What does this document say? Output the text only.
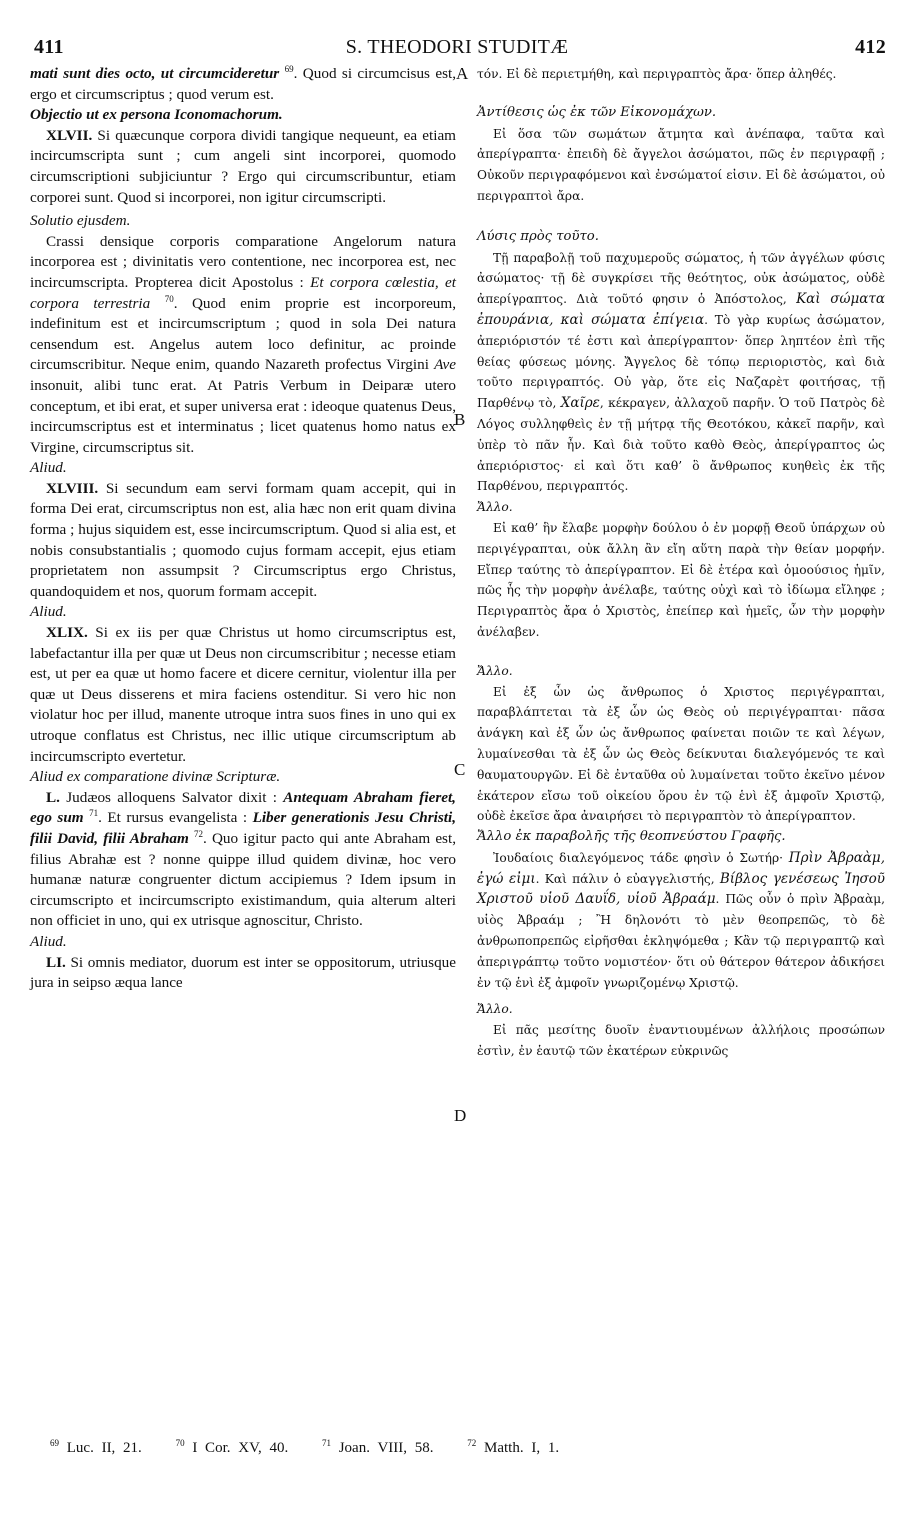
411	S. THEODORI STUDITÆ	412
A
B
C
D

mati sunt dies octo, ut circumcideretur $^{69}$. Quod si circumcisus est, ergo et circumscriptus ; quod verum est.

Objectio ut ex persona Iconomachorum.

XLVII. Si quæcunque corpora dividi tangique nequeunt, ea etiam incircumscripta sunt ; cum angeli sint incorporei, quomodo circumscriptioni subjiciuntur ? Ergo qui circumscribuntur, etiam corporei sunt. Quod si incorporei, non igitur circumscripti.

Solutio ejusdem.

Crassi densique corporis comparatione Angelorum natura incorporea est ; divinitatis vero contentione, nec incorporea est, nec incircumscripta. Propterea dicit Apostolus : Et corpora cœlestia, et corpora terrestria $^{70}$. Quod enim proprie est incorporeum, indefinitum est et incircumscriptum ; quod in sola Dei natura censendum est. Angelus autem loco definitur, ac proinde circumscribitur. Neque enim, quando Nazareth profectus Virgini Ave insonuit, alibi tunc erat. At Patris Verbum in Deiparæ utero conceptum, et ibi erat, et super universa erat : ideoque quatenus Deus, incircumscriptus est et interminatus ; licet quatenus homo natus ex Virgine, circumscriptus sit.

Aliud.

XLVIII. Si secundum eam servi formam quam accepit, qui in forma Dei erat, circumscriptus non est, alia hæc non erit quam divina forma ; hujus siquidem est, esse incircumscriptum. Quod si alia est, et nobis consubstantialis ; quomodo cujus formam accepit, ejus etiam proprietatem non assumpsit ? Circumscriptus ergo Christus, quandoquidem et nos, quorum formam accepit.

Aliud.

XLIX. Si ex iis per quæ Christus ut homo circumscriptus est, labefactantur illa per quæ ut Deus non circumscribitur ; necesse etiam est, ut per ea quæ ut homo facere et dicere cernitur, violentur illa per quæ ut Deus disserens et mira faciens ostenditur. Si vero hic non violatur hoc per illud, manente utroque intra suos fines in uno qui ex utroque conflatus est Christus, nec illic utique circumscriptum ab incircumscripto evertetur.

Aliud ex comparatione divinæ Scripturæ.

L. Judæos alloquens Salvator dixit : Antequam Abraham fieret, ego sum $^{71}$. Et rursus evangelista : Liber generationis Jesu Christi, filii David, filii Abraham $^{72}$. Quo igitur pacto qui ante Abraham est, filius Abrahæ est ? nonne quippe illud quidem divinæ, hoc vero humanæ naturæ congruenter dictum accipiemus ? Idem ipsum in circumscripto et incircumscripto existimandum, quia alterum alteri non officiet in uno, qui ex utrisque agnoscitur, Christo.

Aliud.

LI. Si omnis mediator, duorum est inter se oppositorum, utriusque jura in seipso æqua lance

τόν. Εἰ δὲ περιετμήθη, καὶ περιγραπτὸς ἄρα· ὅπερ ἀληθές.

Ἀντίθεσις ὡς ἐκ τῶν Εἰκονομάχων.

Εἰ ὅσα τῶν σωμάτων ἄτμητα καὶ ἀνέπαφα, ταῦτα καὶ ἀπερίγραπτα· ἐπειδὴ δὲ ἄγγελοι ἀσώματοι, πῶς ἐν περιγραφῇ ; Οὐκοῦν περιγραφόμενοι καὶ ἐνσώματοί εἰσιν. Εἰ δὲ ἀσώματοι, οὐ περιγραπτοὶ ἄρα.

Λύσις πρὸς τοῦτο.

Τῇ παραβολῇ τοῦ παχυμεροῦς σώματος, ἡ τῶν ἀγγέλων φύσις ἀσώματος· τῇ δὲ συγκρίσει τῆς θεότητος, οὐκ ἀσώματος, οὐδὲ ἀπερίγραπτος. Διὰ τοῦτό φησιν ὁ Ἀπόστολος, Καὶ σώματα ἐπουράνια, καὶ σώματα ἐπίγεια. Τὸ γὰρ κυρίως ἀσώματον, ἀπεριόριστόν τέ ἐστι καὶ ἀπερίγραπτον· ὅπερ ληπτέον ἐπὶ τῆς θείας φύσεως μόνης. Ἄγγελος δὲ τόπῳ περιοριστὸς, καὶ διὰ τοῦτο περιγραπτός. Οὐ γὰρ, ὅτε εἰς Ναζαρὲτ φοιτήσας, τῇ Παρθένῳ τὸ, Χαῖρε, κέκραγεν, ἀλλαχοῦ παρῆν. Ὁ τοῦ Πατρὸς δὲ Λόγος συλληφθεὶς ἐν τῇ μήτρᾳ τῆς Θεοτόκου, κἀκεῖ παρῆν, καὶ ὑπὲρ τὸ πᾶν ἦν. Καὶ διὰ τοῦτο καθὸ Θεὸς, ἀπερίγραπτος ὡς ἀπεριόριστος· εἰ καὶ ὅτι καθ’ ὃ ἄνθρωπος κυηθεὶς ἐκ τῆς Παρθένου, περιγραπτός.

Ἄλλο.

Εἰ καθ’ ἣν ἔλαβε μορφὴν δούλου ὁ ἐν μορφῇ Θεοῦ ὑπάρχων οὐ περιγέγραπται, οὐκ ἄλλη ἂν εἴη αὕτη παρὰ τὴν θείαν μορφήν. Εἴπερ ταύτης τὸ ἀπερίγραπτον. Εἰ δὲ ἑτέρα καὶ ὁμοούσιος ἡμῖν, πῶς ἧς τὴν μορφὴν ἀνέλαβε, ταύτης οὐχὶ καὶ τὸ ἰδίωμα εἴληφε ; Περιγραπτὸς ἄρα ὁ Χριστὸς, ἐπείπερ καὶ ἡμεῖς, ὧν τὴν μορφὴν ἀνέλαβεν.

Ἄλλο.

Εἰ ἐξ ὧν ὡς ἄνθρωπος ὁ Χριστος περιγέγραπται, παραβλάπτεται τὰ ἐξ ὧν ὡς Θεὸς οὐ περιγέγραπται· πᾶσα ἀνάγκη καὶ ἐξ ὧν ὡς ἄνθρωπος φαίνεται ποιῶν τε καὶ λέγων, λυμαίνεσθαι τὰ ἐξ ὧν ὡς Θεὸς δείκνυται διαλεγόμενός τε καὶ θαυματουργῶν. Εἰ δὲ ἐνταῦθα οὐ λυμαίνεται τοῦτο ἐκεῖνο μένον ἑκάτερον εἴσω τοῦ οἰκείου ὅρου ἐν τῷ ἑνὶ ἐξ ἀμφοῖν Χριστῷ, οὐδὲ ἐκεῖσε ἄρα ἀναιρήσει τὸ περιγραπτὸν τὸ ἀπερίγραπτον.

Ἄλλο ἐκ παραβολῆς τῆς θεοπνεύστου Γραφῆς.

Ἰουδαίοις διαλεγόμενος τάδε φησὶν ὁ Σωτήρ· Πρὶν Ἀβραὰμ, ἐγώ εἰμι. Καὶ πάλιν ὁ εὐαγγελιστής, Βίβλος γενέσεως Ἰησοῦ Χριστοῦ υἱοῦ Δαυΐδ, υἱοῦ Ἀβραάμ. Πῶς οὖν ὁ πρὶν Ἀβραὰμ, υἱὸς Ἀβραάμ ; Ἢ δηλονότι τὸ μὲν θεοπρεπῶς, τὸ δὲ ἀνθρωποπρεπῶς εἰρῆσθαι ἐκληψόμεθα ; Κἂν τῷ περιγραπτῷ καὶ ἀπεριγράπτῳ τοῦτο νομιστέον· ὅτι οὐ θάτερον θάτερον ἀδικήσει ἐν τῷ ἑνὶ ἐξ ἀμφοῖν γνωριζομένῳ Χριστῷ.

Ἄλλο.

Εἰ πᾶς μεσίτης δυοῖν ἐναντιουμένων ἀλλήλοις προσώπων ἐστὶν, ἐν ἑαυτῷ τῶν ἑκατέρων εὐκρινῶς

$^{69}$ Luc. II, 21.	$^{70}$ I Cor. XV, 40.	$^{71}$ Joan. VIII, 58.	$^{72}$ Matth. I, 1.
